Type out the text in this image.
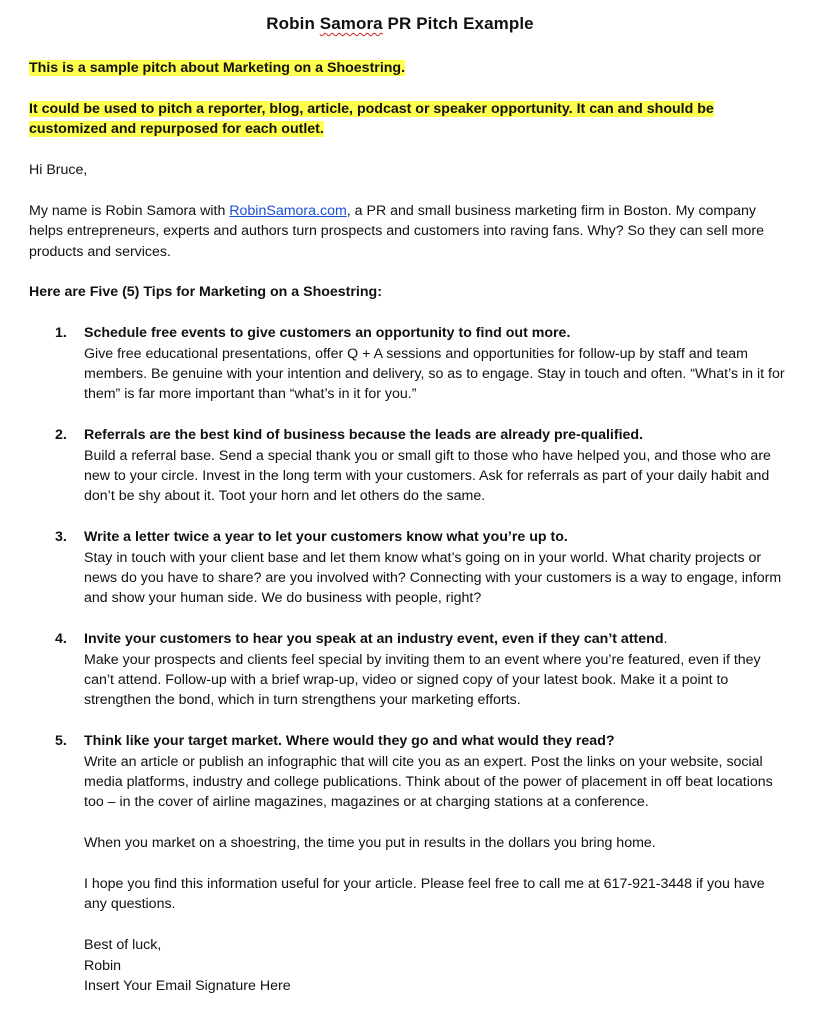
Robin Samora PR Pitch Example

This is a sample pitch about Marketing on a Shoestring.

It could be used to pitch a reporter, blog, article, podcast or speaker opportunity. It can and should be customized and repurposed for each outlet.

Hi Bruce,

My name is Robin Samora with RobinSamora.com, a PR and small business marketing firm in Boston. My company helps entrepreneurs, experts and authors turn prospects and customers into raving fans. Why? So they can sell more products and services.

Here are Five (5) Tips for Marketing on a Shoestring:

1. Schedule free events to give customers an opportunity to find out more.

Give free educational presentations, offer Q + A sessions and opportunities for follow-up by staff and team members. Be genuine with your intention and delivery, so as to engage. Stay in touch and often. “What’s in it for them” is far more important than “what’s in it for you.”

2. Referrals are the best kind of business because the leads are already pre-qualified.

Build a referral base. Send a special thank you or small gift to those who have helped you, and those who are new to your circle. Invest in the long term with your customers. Ask for referrals as part of your daily habit and don’t be shy about it. Toot your horn and let others do the same.

3. Write a letter twice a year to let your customers know what you’re up to.

Stay in touch with your client base and let them know what’s going on in your world. What charity projects or news do you have to share? are you involved with? Connecting with your customers is a way to engage, inform and show your human side. We do business with people, right?

4. Invite your customers to hear you speak at an industry event, even if they can’t attend.

Make your prospects and clients feel special by inviting them to an event where you’re featured, even if they can’t attend. Follow-up with a brief wrap-up, video or signed copy of your latest book. Make it a point to strengthen the bond, which in turn strengthens your marketing efforts.

5. Think like your target market. Where would they go and what would they read?

Write an article or publish an infographic that will cite you as an expert. Post the links on your website, social media platforms, industry and college publications. Think about of the power of placement in off beat locations too – in the cover of airline magazines, magazines or at charging stations at a conference.

When you market on a shoestring, the time you put in results in the dollars you bring home.

I hope you find this information useful for your article. Please feel free to call me at 617-921-3448 if you have any questions.

Best of luck,

Robin

Insert Your Email Signature Here
